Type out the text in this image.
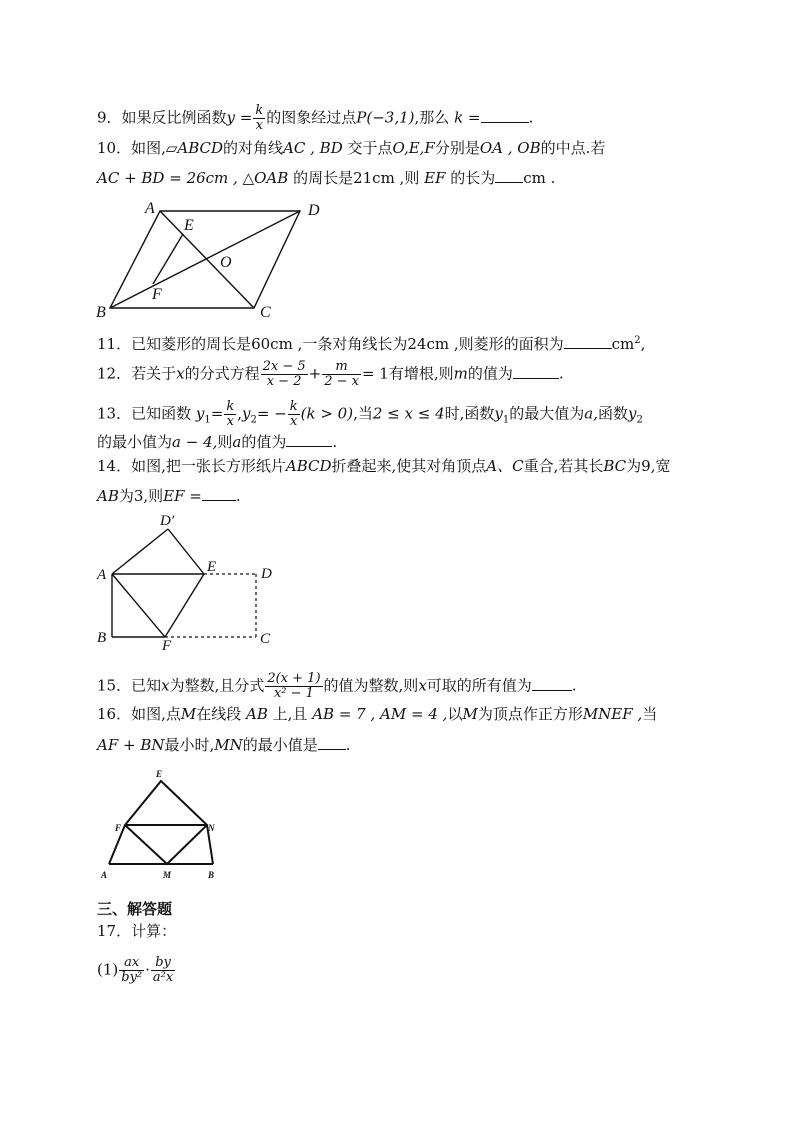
9．如果反比例函数$y = \frac{k}{x}$ 的图象经过点P(−3,1),那么 k =	.
10．如图,▱ABCD的对角线AC , BD 交于点O,E,F分别是OA , OB的中点.若
AC + BD = 26cm , △OAB 的周长是21cm ,则 EF 的长为 cm .
A	D
E
O
F
B	C
11．已知菱形的周长是60cm ,一条对角线长为24cm ,则菱形的面积为	$cm^2$,
12．若关于x的分式方程 $\frac{2x - 5}{x - 2} + \frac{m}{2 - x} = 1$有增根,则m的值为	.
13．已知函数 $y_1= \frac{k}{x} ,y_2= - \frac{k}{x} (k > 0)$,当2 ≤ x ≤ 4时,函数$y_1$的最大值为a,函数$y_2$
的最小值为a − 4,则a的值为	.
14．如图,把一张长方形纸片ABCD折叠起来,使其对角顶点A、C重合,若其长BC为9,宽
AB为3,则EF = .
D′
A	E	D
B	F	C
15．已知x为整数,且分式 $\frac{2(x + 1)}{\text{x² − 1}}$ 的值为整数,则x可取的所有值为	.
16．如图,点M在线段 AB 上,且 AB = 7 , AM = 4 ,以M为顶点作正方形MNEF ,当
AF + BN最小时,MN的最小值是 .
E
F	N
A	M	B
三、解答题
17．计算：
$(1) \frac{ax}{\text{by²}} \cdot \frac{by}{\text{a²x}}$
